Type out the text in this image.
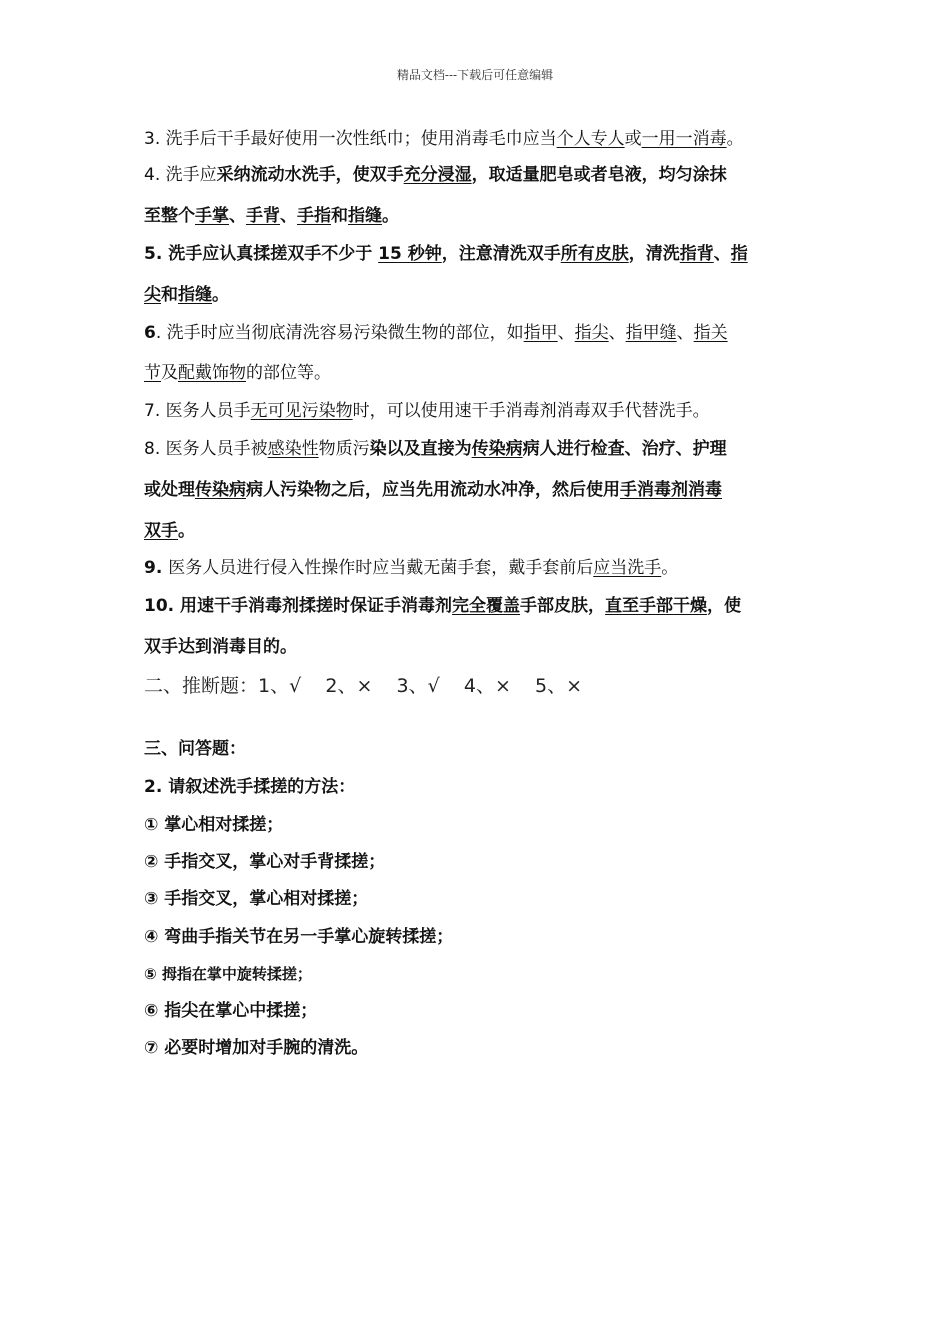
精品文档---下载后可任意编辑
二、推断题：1、√    2、×    3、√    4、×    5、×
3. 洗手后干手最好使用一次性纸巾；使用消毒毛巾应当个人专人或一用一消毒。
4. 洗手应采纳流动水洗手，使双手充分浸湿，取适量肥皂或者皂液，均匀涂抹
至整个手掌、手背、手指和指缝。
5. 洗手应认真揉搓双手不少于 15 秒钟，注意清洗双手所有皮肤，清洗指背、指
尖和指缝。
6. 洗手时应当彻底清洗容易污染微生物的部位，如指甲、指尖、指甲缝、指关
节及配戴饰物的部位等。
7. 医务人员手无可见污染物时，可以使用速干手消毒剂消毒双手代替洗手。
8. 医务人员手被感染性物质污染以及直接为传染病病人进行检查、治疗、护理
或处理传染病病人污染物之后，应当先用流动水冲净，然后使用手消毒剂消毒
双手。
9. 医务人员进行侵入性操作时应当戴无菌手套，戴手套前后应当洗手。
10. 用速干手消毒剂揉搓时保证手消毒剂完全覆盖手部皮肤，直至手部干燥，使
双手达到消毒目的。
三、问答题：
2. 请叙述洗手揉搓的方法：
① 掌心相对揉搓；
② 手指交叉，掌心对手背揉搓；
③ 手指交叉，掌心相对揉搓；
④ 弯曲手指关节在另一手掌心旋转揉搓；
⑤ 拇指在掌中旋转揉搓；
⑥ 指尖在掌心中揉搓；
⑦ 必要时增加对手腕的清洗。
